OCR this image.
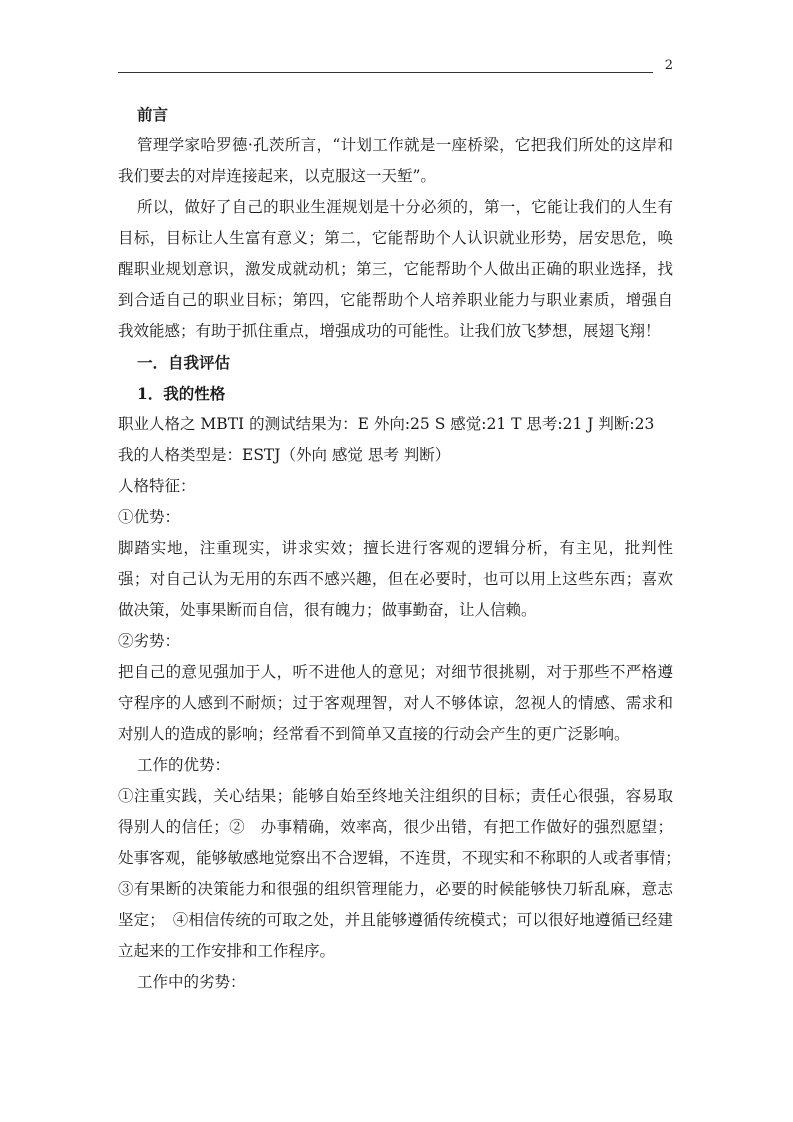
2

前言

管理学家哈罗德·孔茨所言，“计划工作就是一座桥梁，它把我们所处的这岸和我们要去的对岸连接起来，以克服这一天堑”。

所以，做好了自己的职业生涯规划是十分必须的，第一，它能让我们的人生有目标，目标让人生富有意义；第二，它能帮助个人认识就业形势，居安思危，唤醒职业规划意识，激发成就动机；第三，它能帮助个人做出正确的职业选择，找到合适自己的职业目标；第四，它能帮助个人培养职业能力与职业素质，增强自我效能感；有助于抓住重点，增强成功的可能性。让我们放飞梦想，展翅飞翔！

一．自我评估

1．我的性格

职业人格之 MBTI 的测试结果为：E 外向:25 S 感觉:21 T 思考:21 J 判断:23

我的人格类型是：ESTJ（外向 感觉 思考 判断）

人格特征：

①优势：

脚踏实地，注重现实，讲求实效；擅长进行客观的逻辑分析，有主见，批判性强；对自己认为无用的东西不感兴趣，但在必要时，也可以用上这些东西；喜欢做决策，处事果断而自信，很有魄力；做事勤奋，让人信赖。

②劣势：

把自己的意见强加于人，听不进他人的意见；对细节很挑剔，对于那些不严格遵守程序的人感到不耐烦；过于客观理智，对人不够体谅，忽视人的情感、需求和对别人的造成的影响；经常看不到简单又直接的行动会产生的更广泛影响。

工作的优势：

①注重实践，关心结果；能够自始至终地关注组织的目标；责任心很强，容易取得别人的信任；②　办事精确，效率高，很少出错，有把工作做好的强烈愿望；处事客观，能够敏感地觉察出不合逻辑，不连贯，不现实和不称职的人或者事情；　③有果断的决策能力和很强的组织管理能力，必要的时候能够快刀斩乱麻，意志坚定；　④相信传统的可取之处，并且能够遵循传统模式；可以很好地遵循已经建立起来的工作安排和工作程序。

工作中的劣势：
